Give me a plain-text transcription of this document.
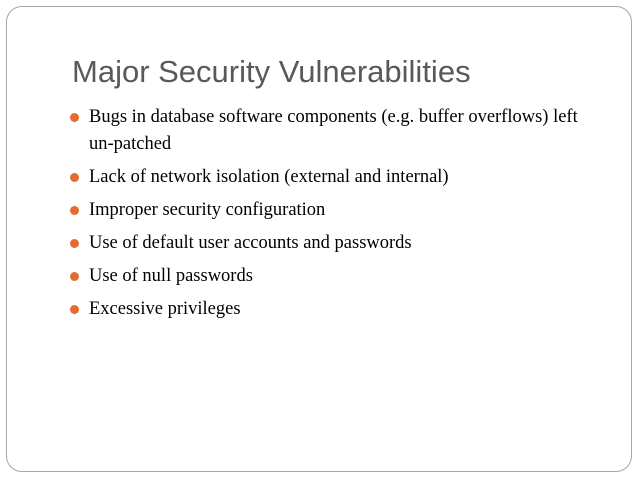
Major Security Vulnerabilities
Bugs in database software components (e.g. buffer overflows) left un-patched
Lack of network isolation (external and internal)
Improper security configuration
Use of default user accounts and passwords
Use of null passwords
Excessive privileges
